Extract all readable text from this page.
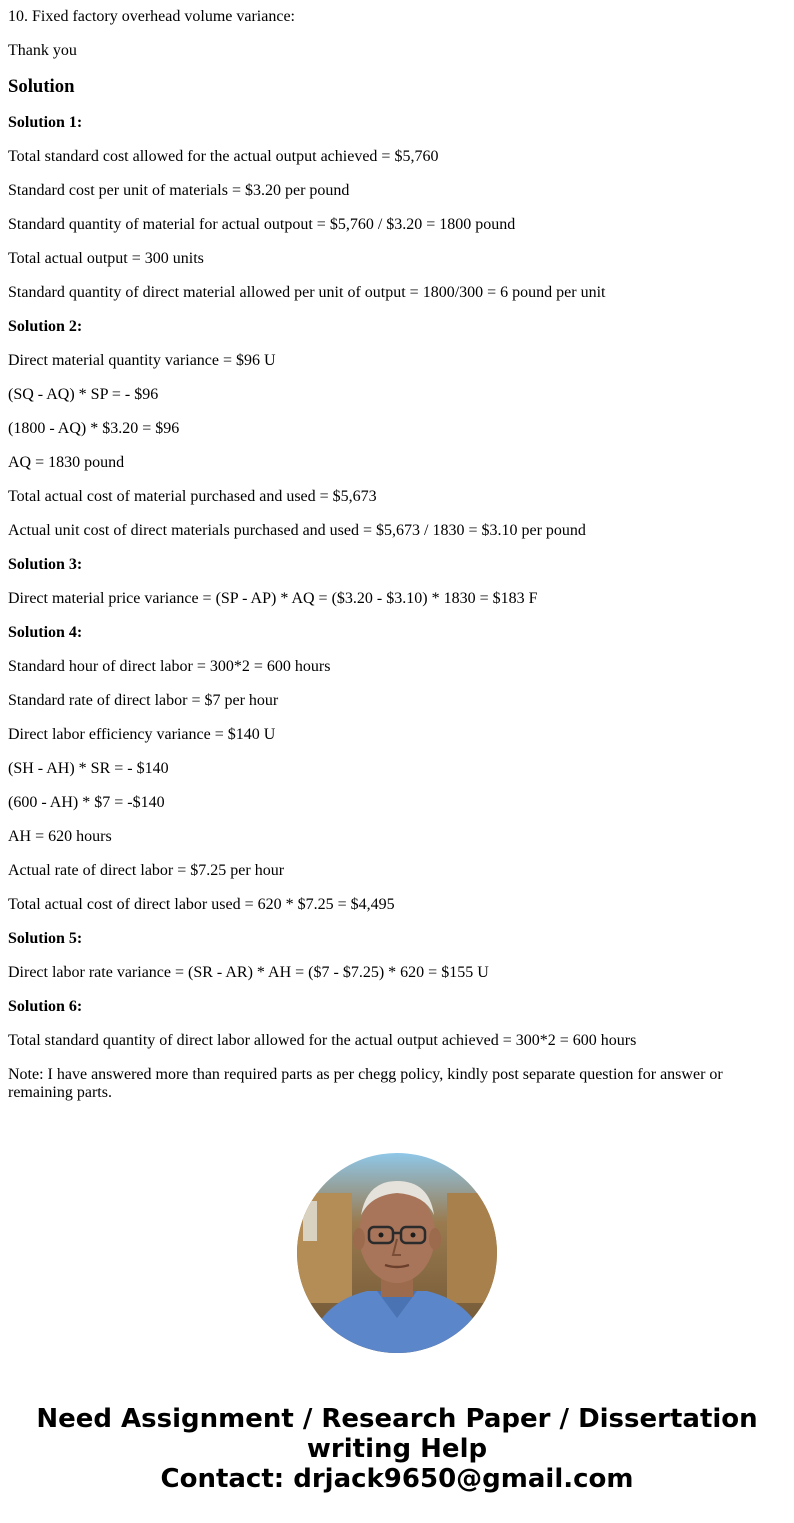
10. Fixed factory overhead volume variance:

Thank you

Solution

Solution 1:

Total standard cost allowed for the actual output achieved = $5,760

Standard cost per unit of materials = $3.20 per pound

Standard quantity of material for actual outpout = $5,760 / $3.20 = 1800 pound

Total actual output = 300 units

Standard quantity of direct material allowed per unit of output = 1800/300 = 6 pound per unit

Solution 2:

Direct material quantity variance = $96 U

(SQ - AQ) * SP = - $96

(1800 - AQ) * $3.20 = $96

AQ = 1830 pound

Total actual cost of material purchased and used = $5,673

Actual unit cost of direct materials purchased and used = $5,673 / 1830 = $3.10 per pound

Solution 3:

Direct material price variance = (SP - AP) * AQ = ($3.20 - $3.10) * 1830 = $183 F

Solution 4:

Standard hour of direct labor = 300*2 = 600 hours

Standard rate of direct labor = $7 per hour

Direct labor efficiency variance = $140 U

(SH - AH) * SR = - $140

(600 - AH) * $7 = -$140

AH = 620 hours

Actual rate of direct labor = $7.25 per hour

Total actual cost of direct labor used = 620 * $7.25 = $4,495

Solution 5:

Direct labor rate variance = (SR - AR) * AH = ($7 - $7.25) * 620 = $155 U

Solution 6:

Total standard quantity of direct labor allowed for the actual output achieved = 300*2 = 600 hours

Note: I have answered more than required parts as per chegg policy, kindly post separate question for answer or remaining parts.

Need Assignment / Research Paper / Dissertation
writing Help
Contact: drjack9650@gmail.com
